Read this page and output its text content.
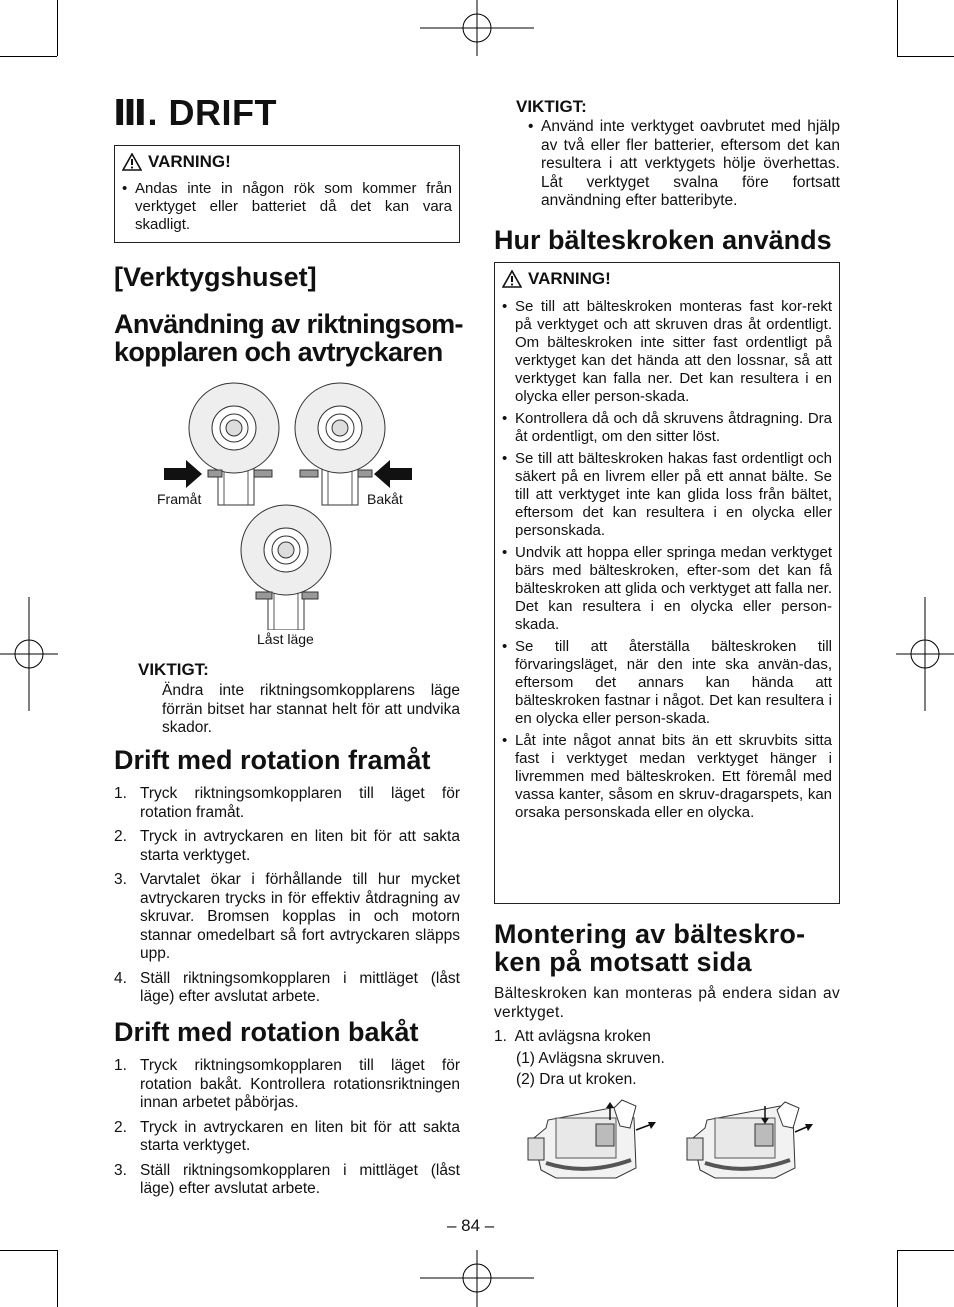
Ⅲ. DRIFT
VARNING!
• Andas inte in någon rök som kommer från verktyget eller batteriet då det kan vara skadligt.
[Verktygshuset]
Användning av riktningsom-kopplaren och avtryckaren
Framåt	Bakåt
Låst läge
VIKTIGT:
Ändra inte riktningsomkopplarens läge förrän bitset har stannat helt för att undvika skador.
Drift med rotation framåt
1. Tryck riktningsomkopplaren till läget för rotation framåt.
2. Tryck in avtryckaren en liten bit för att sakta starta verktyget.
3. Varvtalet ökar i förhållande till hur mycket avtryckaren trycks in för effektiv åtdragning av skruvar. Bromsen kopplas in och motorn stannar omedelbart så fort avtryckaren släpps upp.
4. Ställ riktningsomkopplaren i mittläget (låst läge) efter avslutat arbete.
Drift med rotation bakåt
1. Tryck riktningsomkopplaren till läget för rotation bakåt. Kontrollera rotationsriktningen innan arbetet påbörjas.
2. Tryck in avtryckaren en liten bit för att sakta starta verktyget.
3. Ställ riktningsomkopplaren i mittläget (låst läge) efter avslutat arbete.
VIKTIGT:
• Använd inte verktyget oavbrutet med hjälp av två eller fler batterier, eftersom det kan resultera i att verktygets hölje överhettas. Låt verktyget svalna före fortsatt användning efter batteribyte.
Hur bälteskroken används
VARNING!
• Se till att bälteskroken monteras fast kor-rekt på verktyget och att skruven dras åt ordentligt. Om bälteskroken inte sitter fast ordentligt på verktyget kan det hända att den lossnar, så att verktyget kan falla ner. Det kan resultera i en olycka eller person-skada.
• Kontrollera då och då skruvens åtdragning. Dra åt ordentligt, om den sitter löst.
• Se till att bälteskroken hakas fast ordentligt och säkert på en livrem eller på ett annat bälte. Se till att verktyget inte kan glida loss från bältet, eftersom det kan resultera i en olycka eller personskada.
• Undvik att hoppa eller springa medan verktyget bärs med bälteskroken, efter-som det kan få bälteskroken att glida och verktyget att falla ner. Det kan resultera i en olycka eller person-skada.
• Se till att återställa bälteskroken till förvaringsläget, när den inte ska använ-das, eftersom det annars kan hända att bälteskroken fastnar i något. Det kan resultera i en olycka eller person-skada.
• Låt inte något annat bits än ett skruvbits sitta fast i verktyget medan verktyget hänger i livremmen med bälteskroken. Ett föremål med vassa kanter, såsom en skruv-dragarspets, kan orsaka personskada eller en olycka.
Montering av bälteskro-ken på motsatt sida
Bälteskroken kan monteras på endera sidan av verktyget.
1.  Att avlägsna kroken
(1) Avlägsna skruven.
(2) Dra ut kroken.
– 84 –
